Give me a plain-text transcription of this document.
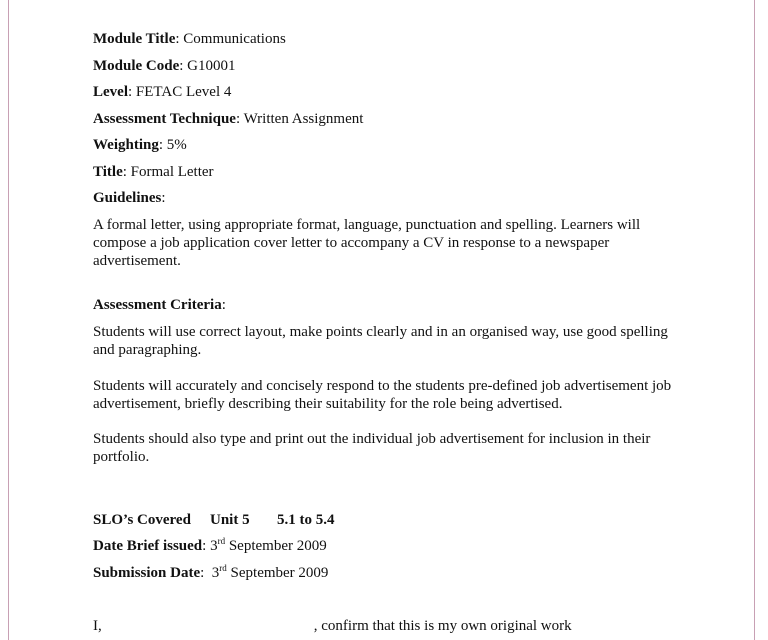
Module Title: Communications
Module Code: G10001
Level: FETAC Level 4
Assessment Technique: Written Assignment
Weighting: 5%
Title: Formal Letter
Guidelines:
A formal letter, using appropriate format, language, punctuation and spelling. Learners will compose a job application cover letter to accompany a CV in response to a newspaper advertisement.
Assessment Criteria:
Students will use correct layout, make points clearly and in an organised way, use good spelling and paragraphing.
Students will accurately and concisely respond to the students pre-defined job advertisement job advertisement, briefly describing their suitability for the role being advertised.
Students should also type and print out the individual job advertisement for inclusion in their portfolio.
SLO’s Covered Unit 5 5.1 to 5.4
Date Brief issued: 3rd September 2009
Submission Date:  3rd September 2009
I,	, confirm that this is my own original work
